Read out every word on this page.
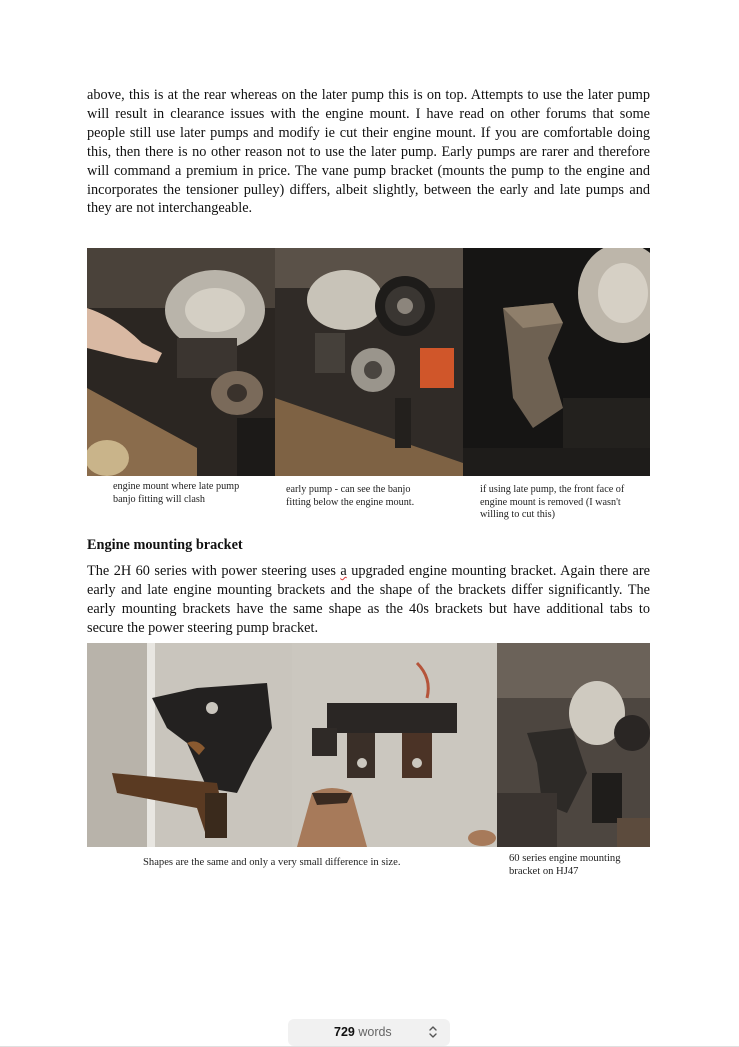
above, this is at the rear whereas on the later pump this is on top. Attempts to use the later pump will result in clearance issues with the engine mount. I have read on other forums that some people still use later pumps and modify ie cut their engine mount. If you are comfortable doing this, then there is no other reason not to use the later pump. Early pumps are rarer and therefore will command a premium in price. The vane pump bracket (mounts the pump to the engine and incorporates the tensioner pulley) differs, albeit slightly, between the early and late pumps and they are not interchangeable.

engine mount where late pump banjo fitting will clash

early pump - can see the banjo fitting below the engine mount.

if using late pump, the front face of engine mount is removed (I wasn't willing to cut this)

Engine mounting bracket

The 2H 60 series with power steering uses a upgraded engine mounting bracket. Again there are early and late engine mounting brackets and the shape of the brackets differ significantly. The early mounting brackets have the same shape as the 40s brackets but have additional tabs to secure the power steering pump bracket.

Shapes are the same and only a very small difference in size.	60 series engine mounting bracket on HJ47

729 words
